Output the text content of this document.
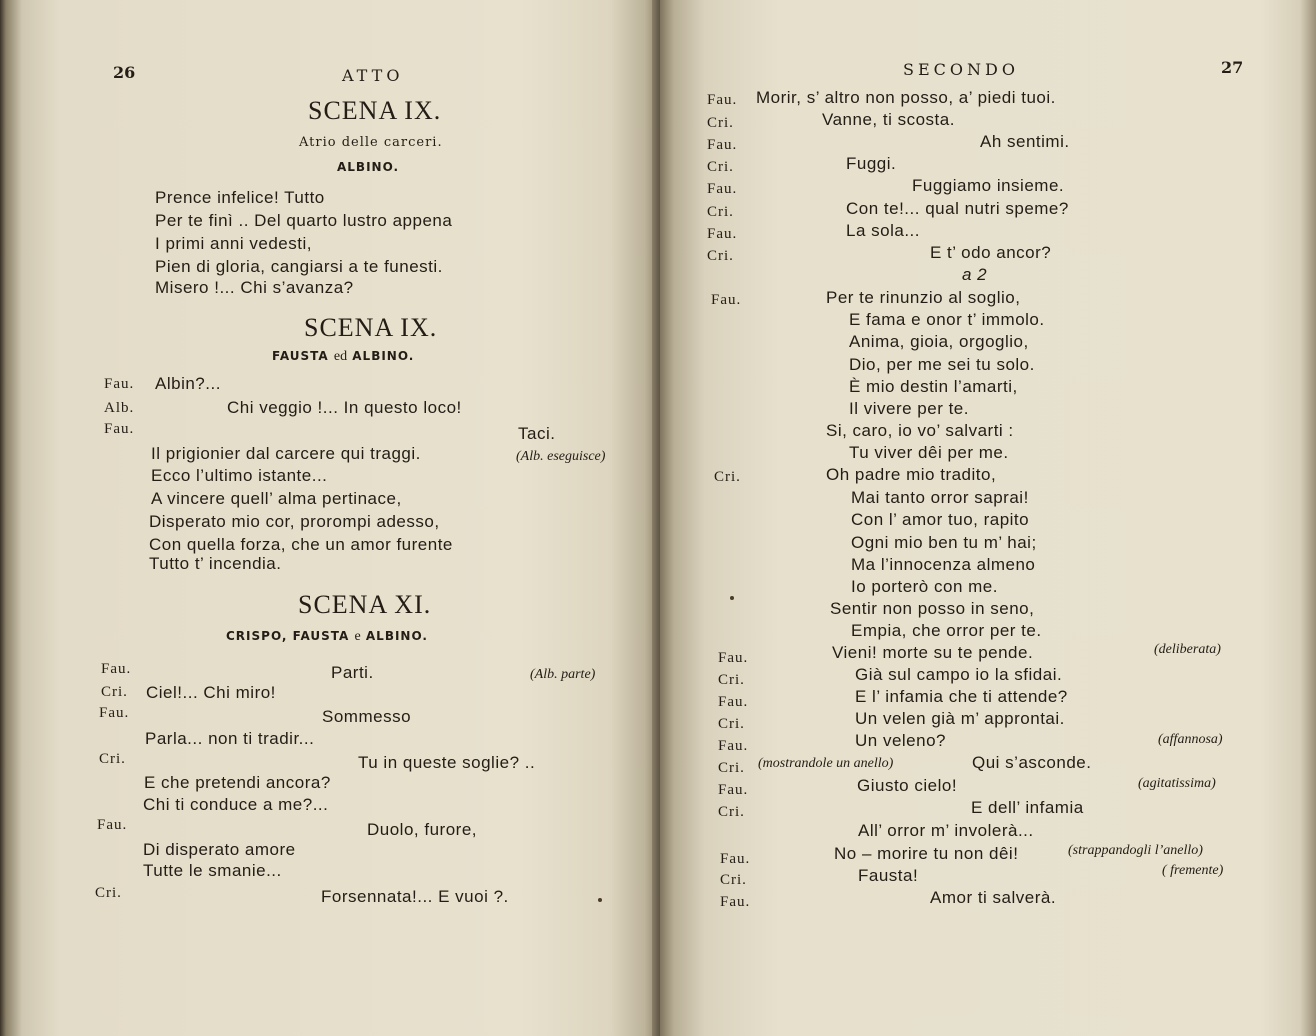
26	ATTO
SCENA IX.
Atrio delle carceri.
ALBINO.
Prence infelice! Tutto
Per te finì .. Del quarto lustro appena
I primi anni vedesti,
Pien di gloria, cangiarsi a te funesti.
Misero !... Chi s’avanza?
SCENA IX.
FAUSTA ed ALBINO.
Fau. Albin?...
Alb.	Chi veggio !... In questo loco!
Fau.	Taci.
Il prigionier dal carcere qui traggi.	(Alb. eseguisce)
Ecco l’ultimo istante...
A vincere quell’ alma pertinace,
Disperato mio cor, prorompi adesso,
Con quella forza, che un amor furente
Tutto t’ incendia.
SCENA XI.
CRISPO, FAUSTA e ALBINO.
Fau.	Parti.	(Alb. parte)
Cri. Ciel!... Chi miro!
Fau.	Sommesso
Parla... non ti tradir...
Cri.	Tu in queste soglie? ..
E che pretendi ancora?
Chi ti conduce a me?...
Fau.	Duolo, furore,
Di disperato amore
Tutte le smanie...
Cri.	Forsennata!... E vuoi ?.
SECONDO	27
Fau. Morir, s’ altro non posso, a’ piedi tuoi.
Cri.	Vanne, ti scosta.
Fau.	Ah sentimi.
Cri.	Fuggi.
Fau.	Fuggiamo insieme.
Cri.	Con te!... qual nutri speme?
Fau.	La sola...
Cri.	E t’ odo ancor?
a 2
Fau.	Per te rinunzio al soglio,
E fama e onor t’ immolo.
Anima, gioia, orgoglio,
Dio, per me sei tu solo.
È mio destin l’amarti,
Il vivere per te.
Si, caro, io vo’ salvarti :
Tu viver dêi per me.
Cri.	Oh padre mio tradito,
Mai tanto orror saprai!
Con l’ amor tuo, rapito
Ogni mio ben tu m’ hai;
Ma l’innocenza almeno
Io porterò con me.
Sentir non posso in seno,
Empia, che orror per te.
Fau.	Vieni! morte su te pende.	(deliberata)
Cri.	Già sul campo io la sfidai.
Fau.	E l’ infamia che ti attende?
Cri.	Un velen già m’ approntai.
Fau.	Un veleno?	(affannosa)
Cri. (mostrandole un anello)	Qui s’asconde.
Fau.	Giusto cielo!	(agitatissima)
Cri.	E dell’ infamia
All’ orror m’ involerà...
Fau.	No – morire tu non dêi!	(strappandogli l’anello)
Cri.	Fausta!	( fremente)
Fau.	Amor ti salverà.
